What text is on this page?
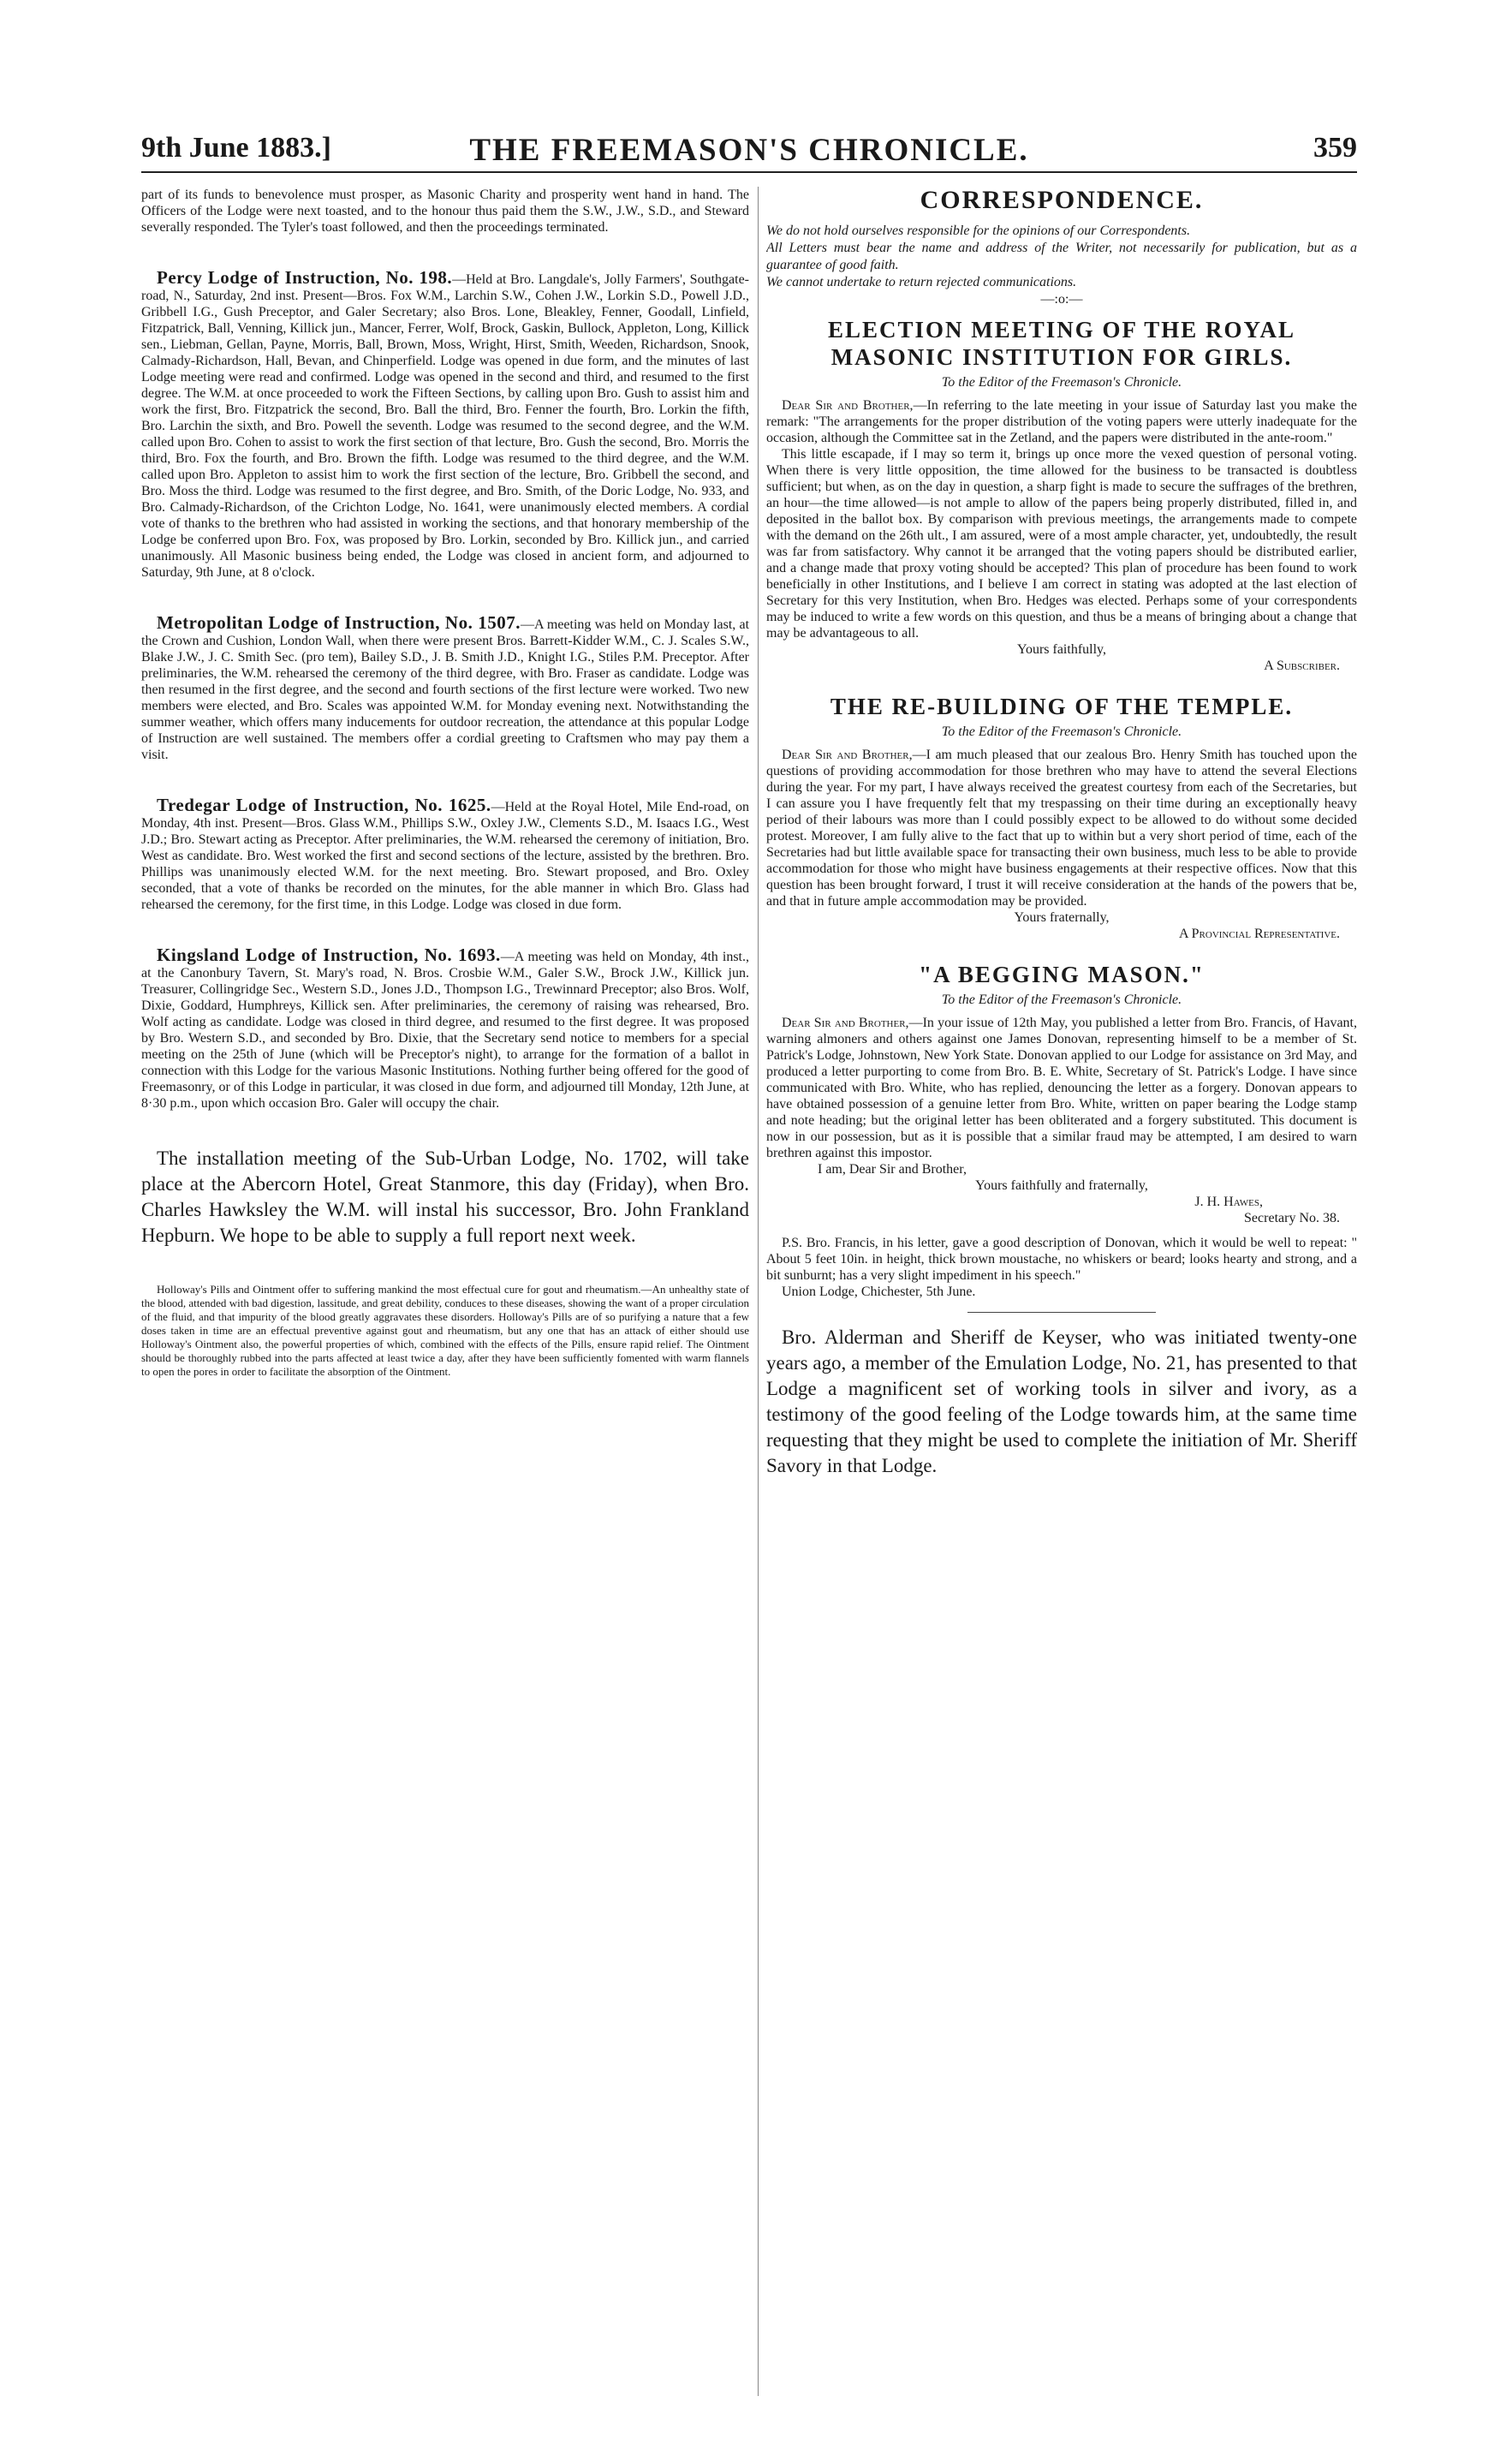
9th June 1883.]	THE FREEMASON'S CHRONICLE.	359

part of its funds to benevolence must prosper, as Masonic Charity and prosperity went hand in hand. The Officers of the Lodge were next toasted, and to the honour thus paid them the S.W., J.W., S.D., and Steward severally responded. The Tyler's toast followed, and then the proceedings terminated.

Percy Lodge of Instruction, No. 198.—Held at Bro. Langdale's, Jolly Farmers', Southgate-road, N., Saturday, 2nd inst. Present—Bros. Fox W.M., Larchin S.W., Cohen J.W., Lorkin S.D., Powell J.D., Gribbell I.G., Gush Preceptor, and Galer Secretary; also Bros. Lone, Bleakley, Fenner, Goodall, Linfield, Fitzpatrick, Ball, Venning, Killick jun., Mancer, Ferrer, Wolf, Brock, Gaskin, Bullock, Appleton, Long, Killick sen., Liebman, Gellan, Payne, Morris, Ball, Brown, Moss, Wright, Hirst, Smith, Weeden, Richardson, Snook, Calmady-Richardson, Hall, Bevan, and Chinperfield. Lodge was opened in due form, and the minutes of last Lodge meeting were read and confirmed. Lodge was opened in the second and third, and resumed to the first degree. The W.M. at once proceeded to work the Fifteen Sections, by calling upon Bro. Gush to assist him and work the first, Bro. Fitzpatrick the second, Bro. Ball the third, Bro. Fenner the fourth, Bro. Lorkin the fifth, Bro. Larchin the sixth, and Bro. Powell the seventh. Lodge was resumed to the second degree, and the W.M. called upon Bro. Cohen to assist to work the first section of that lecture, Bro. Gush the second, Bro. Morris the third, Bro. Fox the fourth, and Bro. Brown the fifth. Lodge was resumed to the third degree, and the W.M. called upon Bro. Appleton to assist him to work the first section of the lecture, Bro. Gribbell the second, and Bro. Moss the third. Lodge was resumed to the first degree, and Bro. Smith, of the Doric Lodge, No. 933, and Bro. Calmady-Richardson, of the Crichton Lodge, No. 1641, were unanimously elected members. A cordial vote of thanks to the brethren who had assisted in working the sections, and that honorary membership of the Lodge be conferred upon Bro. Fox, was proposed by Bro. Lorkin, seconded by Bro. Killick jun., and carried unanimously. All Masonic business being ended, the Lodge was closed in ancient form, and adjourned to Saturday, 9th June, at 8 o'clock.

Metropolitan Lodge of Instruction, No. 1507.—A meeting was held on Monday last, at the Crown and Cushion, London Wall, when there were present Bros. Barrett-Kidder W.M., C. J. Scales S.W., Blake J.W., J. C. Smith Sec. (pro tem), Bailey S.D., J. B. Smith J.D., Knight I.G., Stiles P.M. Preceptor. After preliminaries, the W.M. rehearsed the ceremony of the third degree, with Bro. Fraser as candidate. Lodge was then resumed in the first degree, and the second and fourth sections of the first lecture were worked. Two new members were elected, and Bro. Scales was appointed W.M. for Monday evening next. Notwithstanding the summer weather, which offers many inducements for outdoor recreation, the attendance at this popular Lodge of Instruction are well sustained. The members offer a cordial greeting to Craftsmen who may pay them a visit.

Tredegar Lodge of Instruction, No. 1625.—Held at the Royal Hotel, Mile End-road, on Monday, 4th inst. Present—Bros. Glass W.M., Phillips S.W., Oxley J.W., Clements S.D., M. Isaacs I.G., West J.D.; Bro. Stewart acting as Preceptor. After preliminaries, the W.M. rehearsed the ceremony of initiation, Bro. West as candidate. Bro. West worked the first and second sections of the lecture, assisted by the brethren. Bro. Phillips was unanimously elected W.M. for the next meeting. Bro. Stewart proposed, and Bro. Oxley seconded, that a vote of thanks be recorded on the minutes, for the able manner in which Bro. Glass had rehearsed the ceremony, for the first time, in this Lodge. Lodge was closed in due form.

Kingsland Lodge of Instruction, No. 1693.—A meeting was held on Monday, 4th inst., at the Canonbury Tavern, St. Mary's road, N. Bros. Crosbie W.M., Galer S.W., Brock J.W., Killick jun. Treasurer, Collingridge Sec., Western S.D., Jones J.D., Thompson I.G., Trewinnard Preceptor; also Bros. Wolf, Dixie, Goddard, Humphreys, Killick sen. After preliminaries, the ceremony of raising was rehearsed, Bro. Wolf acting as candidate. Lodge was closed in third degree, and resumed to the first degree. It was proposed by Bro. Western S.D., and seconded by Bro. Dixie, that the Secretary send notice to members for a special meeting on the 25th of June (which will be Preceptor's night), to arrange for the formation of a ballot in connection with this Lodge for the various Masonic Institutions. Nothing further being offered for the good of Freemasonry, or of this Lodge in particular, it was closed in due form, and adjourned till Monday, 12th June, at 8·30 p.m., upon which occasion Bro. Galer will occupy the chair.

The installation meeting of the Sub-Urban Lodge, No. 1702, will take place at the Abercorn Hotel, Great Stanmore, this day (Friday), when Bro. Charles Hawksley the W.M. will instal his successor, Bro. John Frankland Hepburn. We hope to be able to supply a full report next week.

Holloway's Pills and Ointment offer to suffering mankind the most effectual cure for gout and rheumatism.—An unhealthy state of the blood, attended with bad digestion, lassitude, and great debility, conduces to these diseases, showing the want of a proper circulation of the fluid, and that impurity of the blood greatly aggravates these disorders. Holloway's Pills are of so purifying a nature that a few doses taken in time are an effectual preventive against gout and rheumatism, but any one that has an attack of either should use Holloway's Ointment also, the powerful properties of which, combined with the effects of the Pills, ensure rapid relief. The Ointment should be thoroughly rubbed into the parts affected at least twice a day, after they have been sufficiently fomented with warm flannels to open the pores in order to facilitate the absorption of the Ointment.

CORRESPONDENCE.

We do not hold ourselves responsible for the opinions of our Correspondents.

All Letters must bear the name and address of the Writer, not necessarily for publication, but as a guarantee of good faith.

We cannot undertake to return rejected communications.

—:o:—
ELECTION MEETING OF THE ROYAL MASONIC INSTITUTION FOR GIRLS.
To the Editor of the Freemason's Chronicle.

Dear Sir and Brother,—In referring to the late meeting in your issue of Saturday last you make the remark: "The arrangements for the proper distribution of the voting papers were utterly inadequate for the occasion, although the Committee sat in the Zetland, and the papers were distributed in the ante-room."

This little escapade, if I may so term it, brings up once more the vexed question of personal voting. When there is very little opposition, the time allowed for the business to be transacted is doubtless sufficient; but when, as on the day in question, a sharp fight is made to secure the suffrages of the brethren, an hour—the time allowed—is not ample to allow of the papers being properly distributed, filled in, and deposited in the ballot box. By comparison with previous meetings, the arrangements made to compete with the demand on the 26th ult., I am assured, were of a most ample character, yet, undoubtedly, the result was far from satisfactory. Why cannot it be arranged that the voting papers should be distributed earlier, and a change made that proxy voting should be accepted? This plan of procedure has been found to work beneficially in other Institutions, and I believe I am correct in stating was adopted at the last election of Secretary for this very Institution, when Bro. Hedges was elected. Perhaps some of your correspondents may be induced to write a few words on this question, and thus be a means of bringing about a change that may be advantageous to all.

Yours faithfully,
A Subscriber.
THE RE-BUILDING OF THE TEMPLE.
To the Editor of the Freemason's Chronicle.

Dear Sir and Brother,—I am much pleased that our zealous Bro. Henry Smith has touched upon the questions of providing accommodation for those brethren who may have to attend the several Elections during the year. For my part, I have always received the greatest courtesy from each of the Secretaries, but I can assure you I have frequently felt that my trespassing on their time during an exceptionally heavy period of their labours was more than I could possibly expect to be allowed to do without some decided protest. Moreover, I am fully alive to the fact that up to within but a very short period of time, each of the Secretaries had but little available space for transacting their own business, much less to be able to provide accommodation for those who might have business engagements at their respective offices. Now that this question has been brought forward, I trust it will receive consideration at the hands of the powers that be, and that in future ample accommodation may be provided.

Yours fraternally,
A Provincial Representative.
"A BEGGING MASON."
To the Editor of the Freemason's Chronicle.

Dear Sir and Brother,—In your issue of 12th May, you published a letter from Bro. Francis, of Havant, warning almoners and others against one James Donovan, representing himself to be a member of St. Patrick's Lodge, Johnstown, New York State. Donovan applied to our Lodge for assistance on 3rd May, and produced a letter purporting to come from Bro. B. E. White, Secretary of St. Patrick's Lodge. I have since communicated with Bro. White, who has replied, denouncing the letter as a forgery. Donovan appears to have obtained possession of a genuine letter from Bro. White, written on paper bearing the Lodge stamp and note heading; but the original letter has been obliterated and a forgery substituted. This document is now in our possession, but as it is possible that a similar fraud may be attempted, I am desired to warn brethren against this impostor.

I am, Dear Sir and Brother,
Yours faithfully and fraternally,
J. H. Hawes,
Secretary No. 38.

P.S. Bro. Francis, in his letter, gave a good description of Donovan, which it would be well to repeat: " About 5 feet 10in. in height, thick brown moustache, no whiskers or beard; looks hearty and strong, and a bit sunburnt; has a very slight impediment in his speech."

Union Lodge, Chichester, 5th June.

Bro. Alderman and Sheriff de Keyser, who was initiated twenty-one years ago, a member of the Emulation Lodge, No. 21, has presented to that Lodge a magnificent set of working tools in silver and ivory, as a testimony of the good feeling of the Lodge towards him, at the same time requesting that they might be used to complete the initiation of Mr. Sheriff Savory in that Lodge.
